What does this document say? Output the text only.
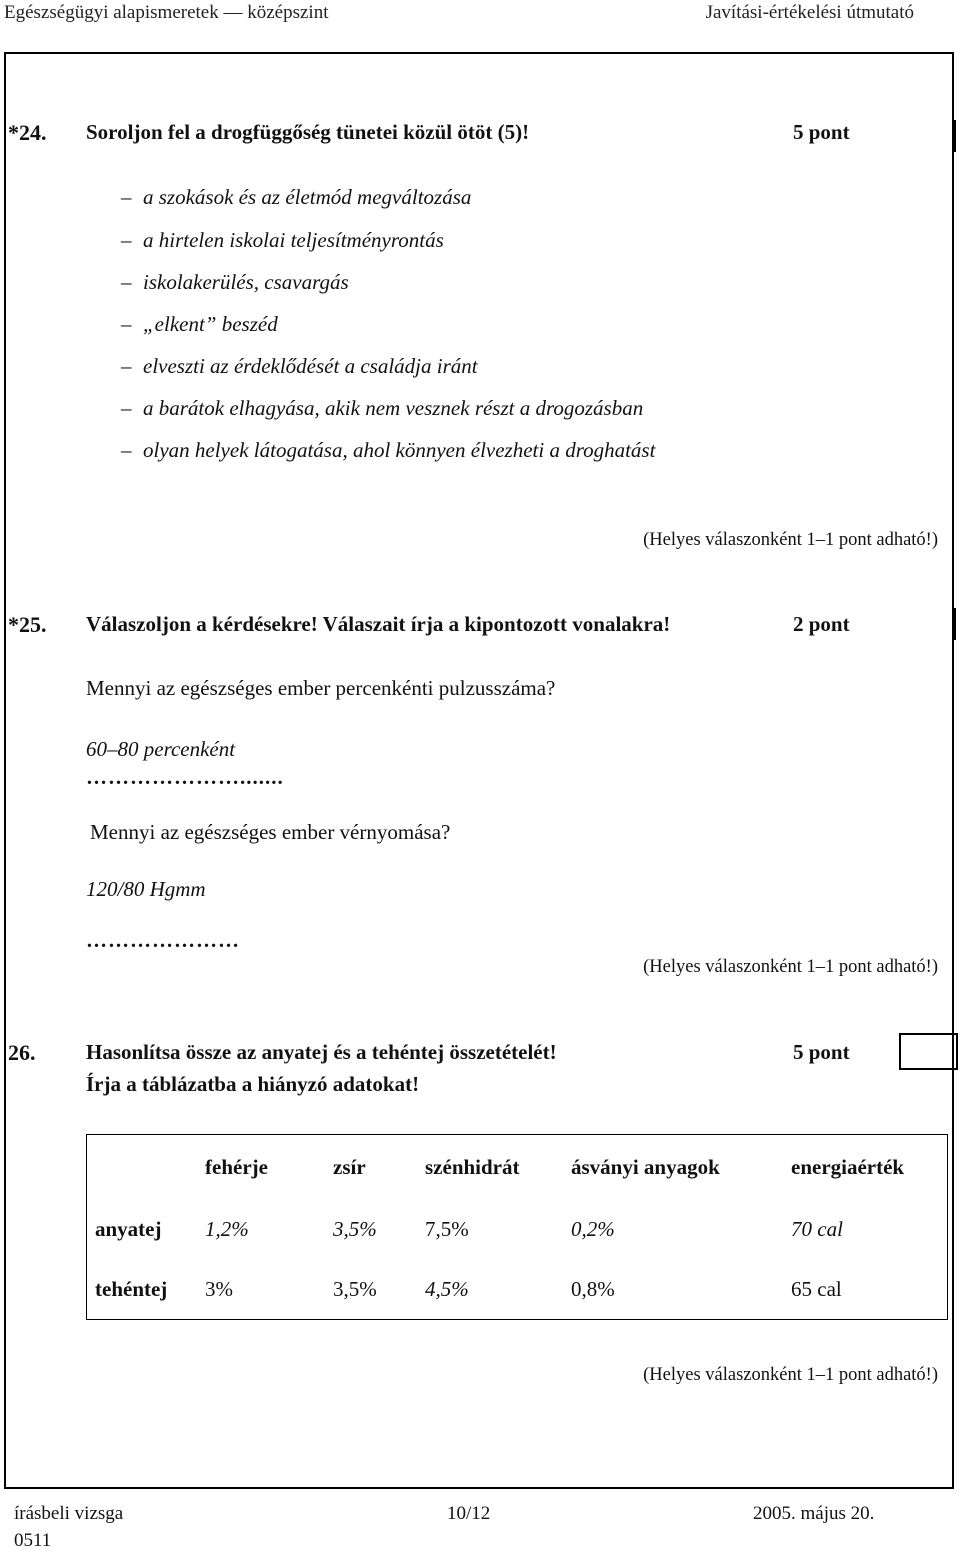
Egészségügyi alapismeretek — középszint	Javítási-értékelési útmutató
*24. Soroljon fel a drogfüggőség tünetei közül ötöt (5)!	5 pont
– a szokások és az életmód megváltozása
– a hirtelen iskolai teljesítményrontás
– iskolakerülés, csavargás
– „elkent” beszéd
– elveszti az érdeklődését a családja iránt
– a barátok elhagyása, akik nem vesznek részt a drogozásban
– olyan helyek látogatása, ahol könnyen élvezheti a droghatást
(Helyes válaszonként 1–1 pont adható!)
*25. Válaszoljon a kérdésekre! Válaszait írja a kipontozott vonalakra!	2 pont
Mennyi az egészséges ember percenkénti pulzusszáma?
60–80 percenként
………………….......
Mennyi az egészséges ember vérnyomása?
120/80 Hgmm
…………………
(Helyes válaszonként 1–1 pont adható!)
26. Hasonlítsa össze az anyatej és a tehéntej összetételét!
Írja a táblázatba a hiányzó adatokat!
5 pont
	fehérje	zsír	szénhidrát	ásványi anyagok	energiaérték
anyatej	1,2%	3,5%	7,5%	0,2%	70 cal
tehéntej	3%	3,5%	4,5%	0,8%	65 cal
(Helyes válaszonként 1–1 pont adható!)
írásbeli vizsga
0511
10/12	2005. május 20.
